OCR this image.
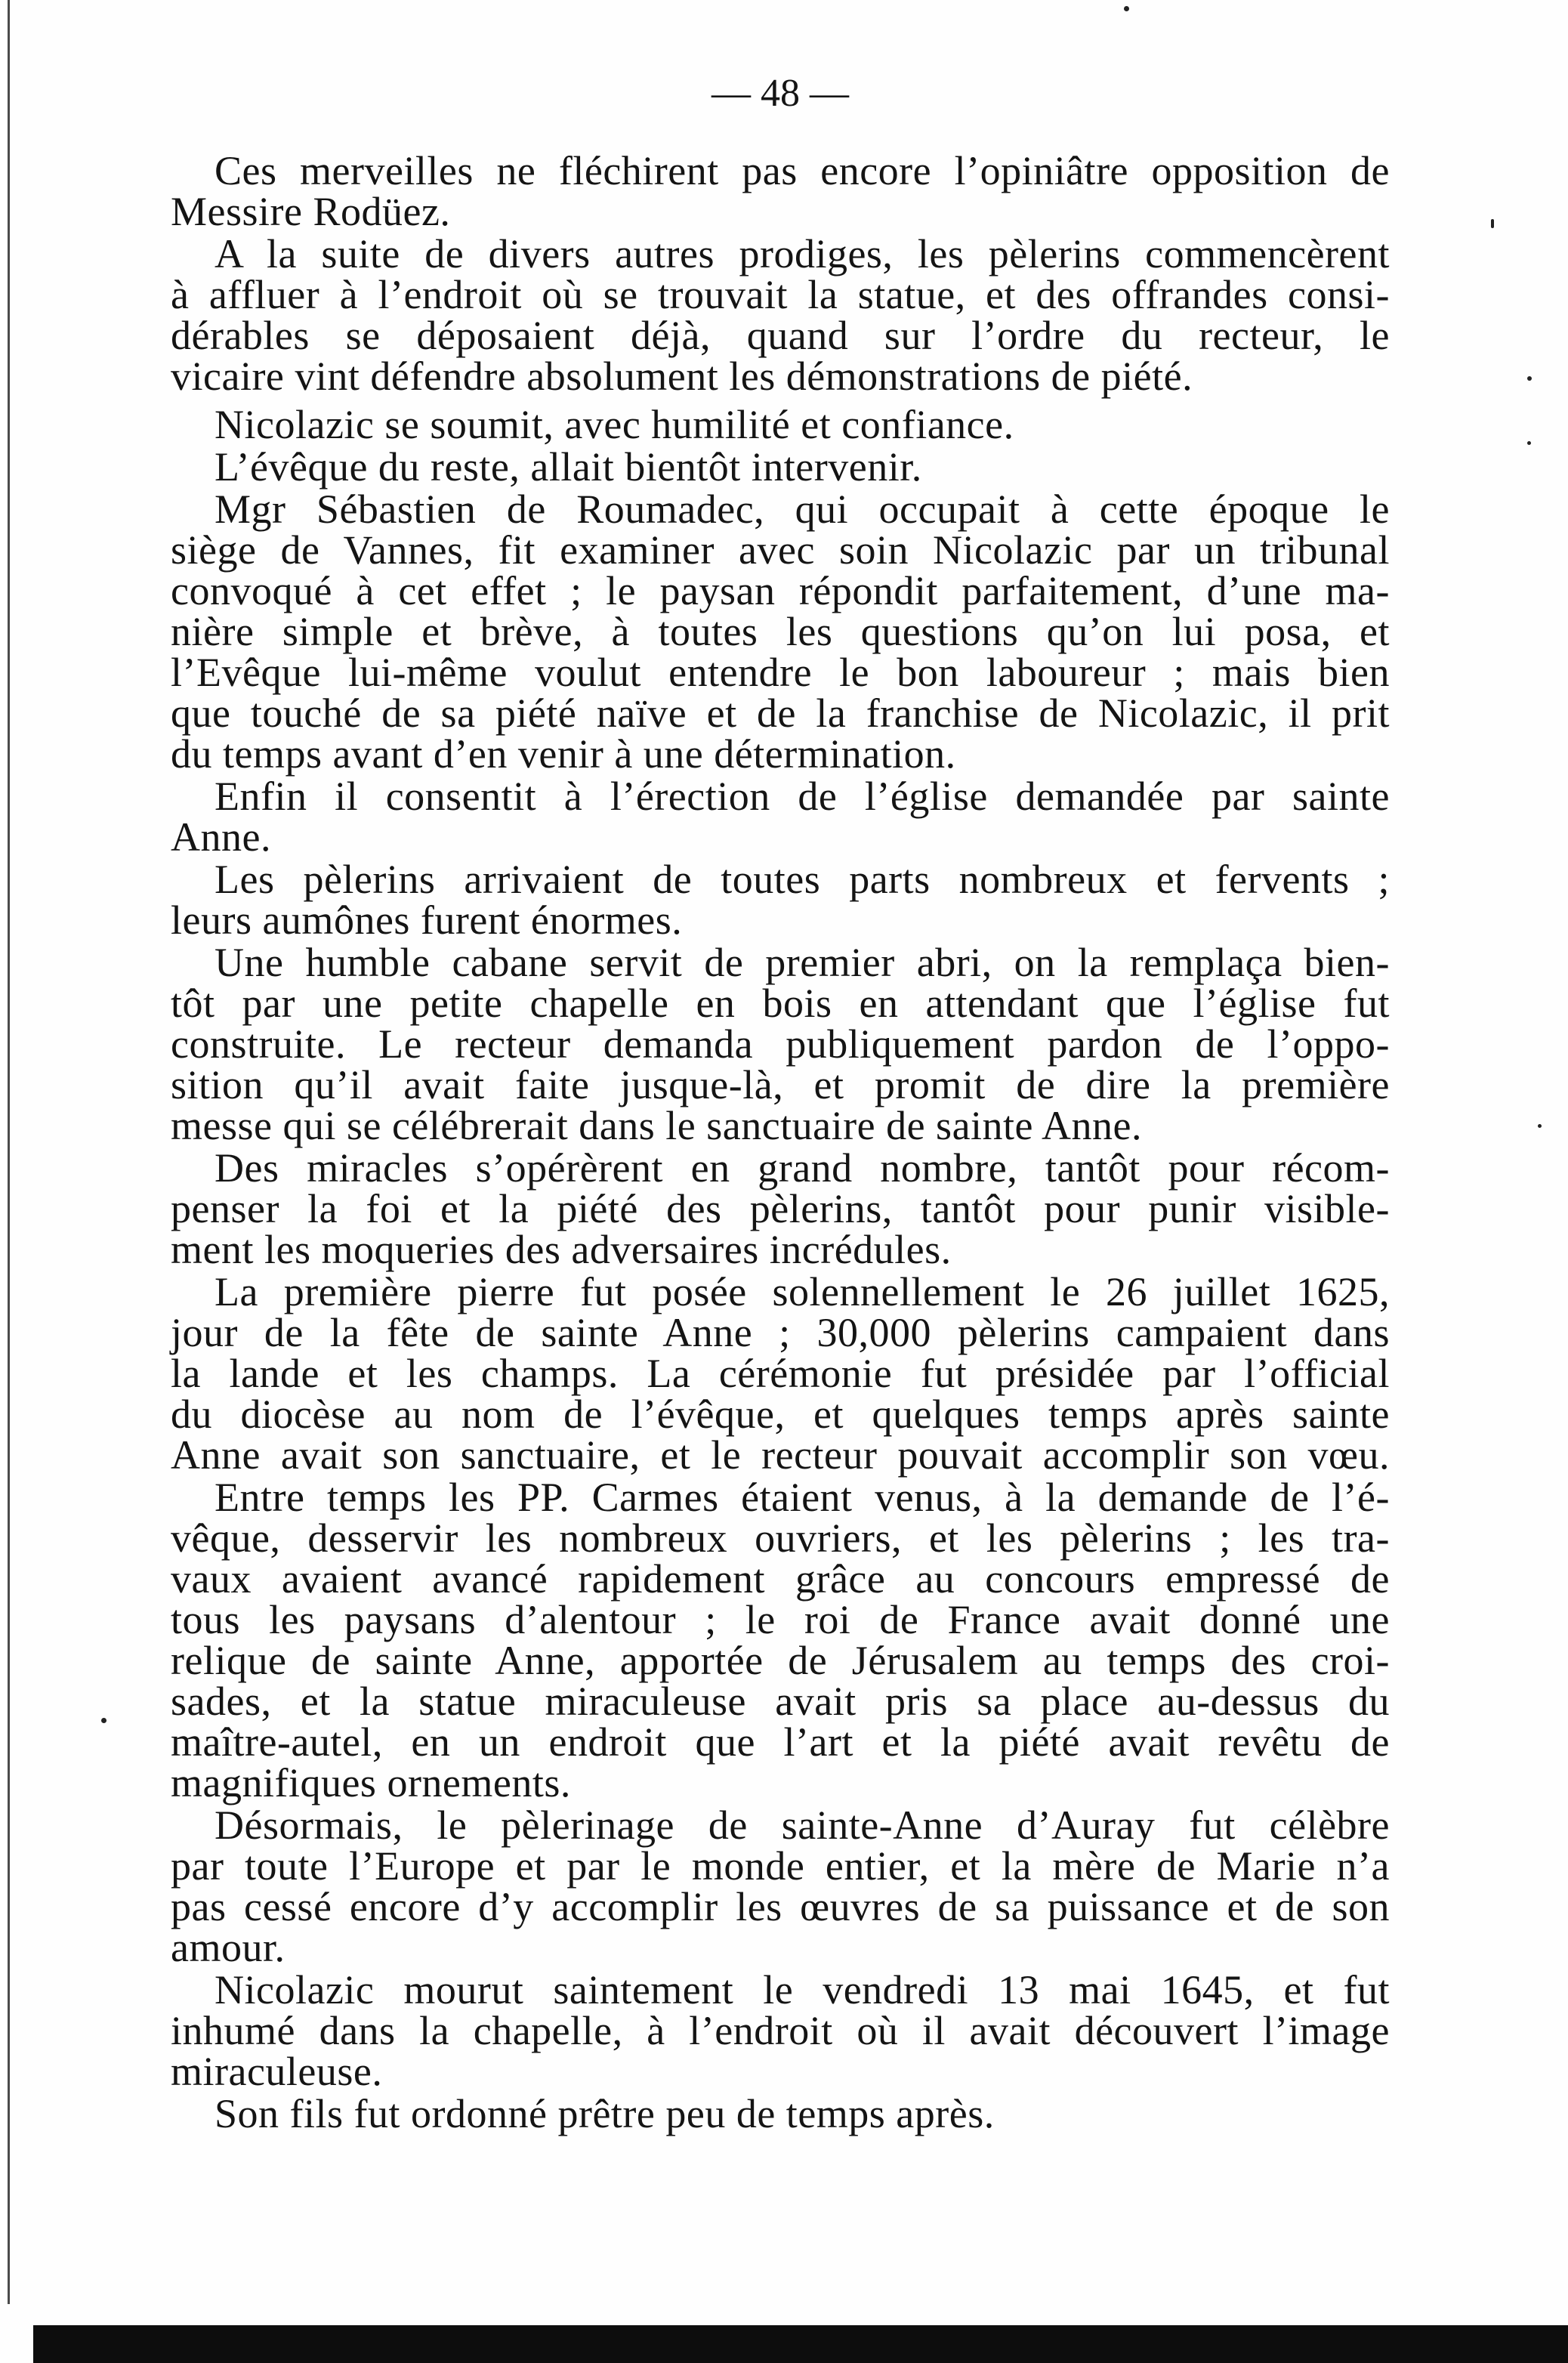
— 48 —
Ces merveilles ne fléchirent pas encore l’opiniâtre opposition de
Messire Rodüez.
A la suite de divers autres prodiges, les pèlerins commencèrent
à affluer à l’endroit où se trouvait la statue, et des offrandes consi-
dérables se déposaient déjà, quand sur l’ordre du recteur, le
vicaire vint défendre absolument les démonstrations de piété.
Nicolazic se soumit, avec humilité et confiance.
L’évêque du reste, allait bientôt intervenir.
Mgr Sébastien de Roumadec, qui occupait à cette époque le
siège de Vannes, fit examiner avec soin Nicolazic par un tribunal
convoqué à cet effet ; le paysan répondit parfaitement, d’une ma-
nière simple et brève, à toutes les questions qu’on lui posa, et
l’Evêque lui-même voulut entendre le bon laboureur ; mais bien
que touché de sa piété naïve et de la franchise de Nicolazic, il prit
du temps avant d’en venir à une détermination.
Enfin il consentit à l’érection de l’église demandée par sainte
Anne.
Les pèlerins arrivaient de toutes parts nombreux et fervents ;
leurs aumônes furent énormes.
Une humble cabane servit de premier abri, on la remplaça bien-
tôt par une petite chapelle en bois en attendant que l’église fut
construite. Le recteur demanda publiquement pardon de l’oppo-
sition qu’il avait faite jusque-là, et promit de dire la première
messe qui se célébrerait dans le sanctuaire de sainte Anne.
Des miracles s’opérèrent en grand nombre, tantôt pour récom-
penser la foi et la piété des pèlerins, tantôt pour punir visible-
ment les moqueries des adversaires incrédules.
La première pierre fut posée solennellement le 26 juillet 1625,
jour de la fête de sainte Anne ; 30,000 pèlerins campaient dans
la lande et les champs. La cérémonie fut présidée par l’official
du diocèse au nom de l’évêque, et quelques temps après sainte
Anne avait son sanctuaire, et le recteur pouvait accomplir son vœu.
Entre temps les PP. Carmes étaient venus, à la demande de l’é-
vêque, desservir les nombreux ouvriers, et les pèlerins ; les tra-
vaux avaient avancé rapidement grâce au concours empressé de
tous les paysans d’alentour ; le roi de France avait donné une
relique de sainte Anne, apportée de Jérusalem au temps des croi-
sades, et la statue miraculeuse avait pris sa place au-dessus du
maître-autel, en un endroit que l’art et la piété avait revêtu de
magnifiques ornements.
Désormais, le pèlerinage de sainte-Anne d’Auray fut célèbre
par toute l’Europe et par le monde entier, et la mère de Marie n’a
pas cessé encore d’y accomplir les œuvres de sa puissance et de son
amour.
Nicolazic mourut saintement le vendredi 13 mai 1645, et fut
inhumé dans la chapelle, à l’endroit où il avait découvert l’image
miraculeuse.
Son fils fut ordonné prêtre peu de temps après.
